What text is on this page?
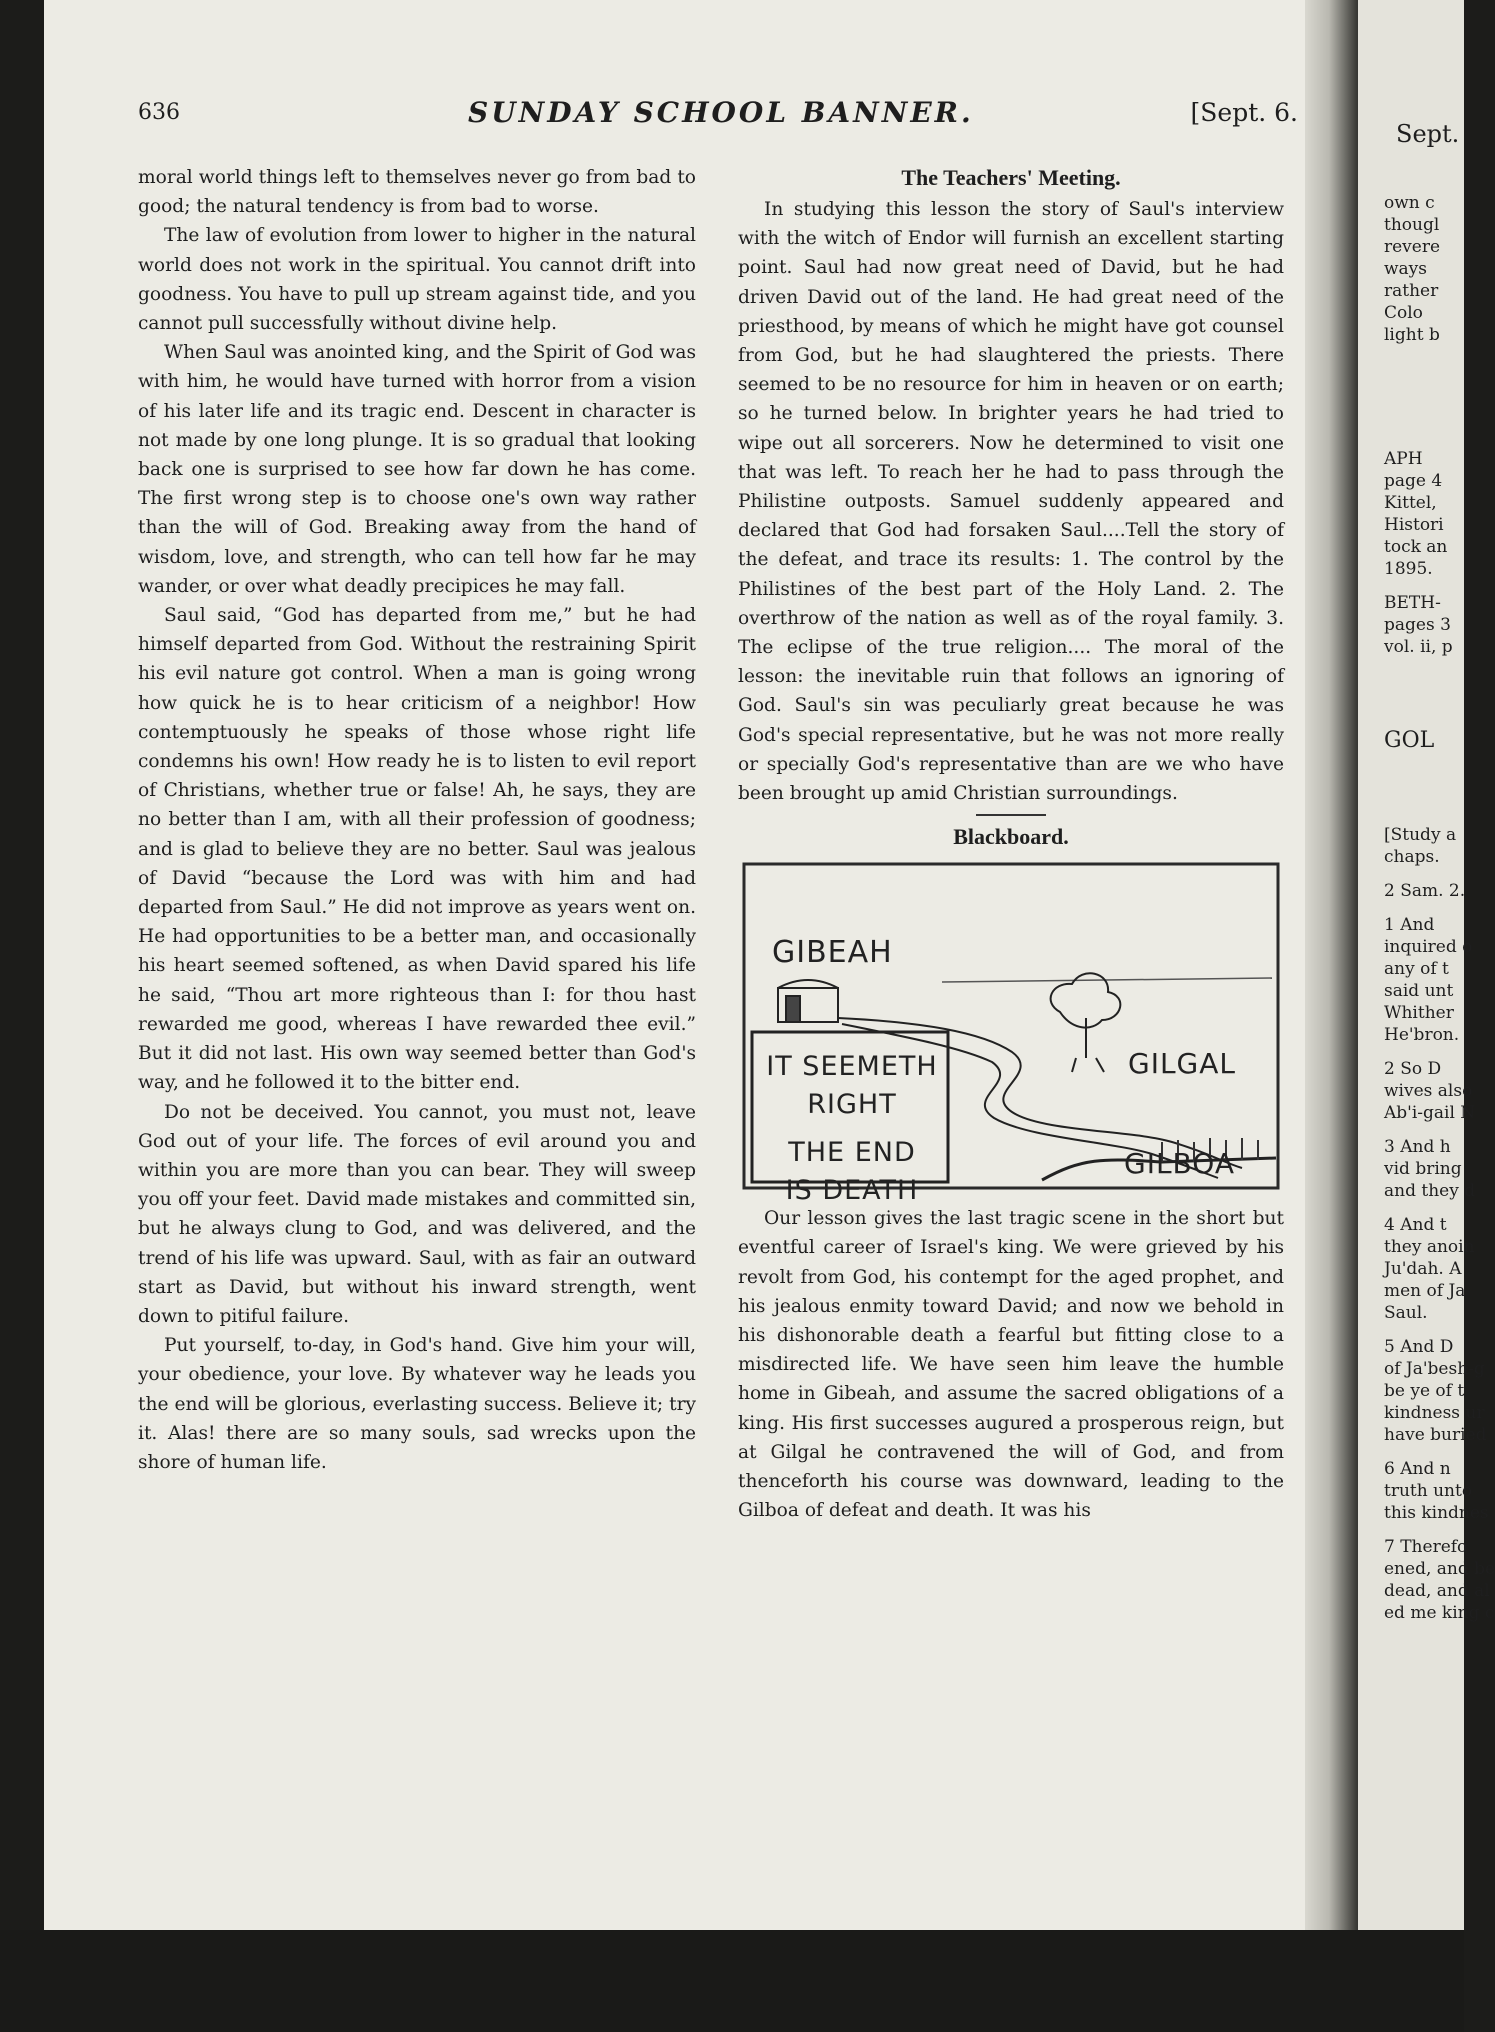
636	SUNDAY SCHOOL BANNER.	[Sept. 6.

moral world things left to themselves never go from bad to good; the natural tendency is from bad to worse.

The law of evolution from lower to higher in the natural world does not work in the spiritual. You cannot drift into goodness. You have to pull up stream against tide, and you cannot pull successfully without divine help.

When Saul was anointed king, and the Spirit of God was with him, he would have turned with horror from a vision of his later life and its tragic end. Descent in character is not made by one long plunge. It is so gradual that looking back one is surprised to see how far down he has come. The first wrong step is to choose one's own way rather than the will of God. Breaking away from the hand of wisdom, love, and strength, who can tell how far he may wander, or over what deadly precipices he may fall.

Saul said, “God has departed from me,” but he had himself departed from God. Without the restraining Spirit his evil nature got control. When a man is going wrong how quick he is to hear criticism of a neighbor! How contemptuously he speaks of those whose right life condemns his own! How ready he is to listen to evil report of Christians, whether true or false! Ah, he says, they are no better than I am, with all their profession of goodness; and is glad to believe they are no better. Saul was jealous of David “because the Lord was with him and had departed from Saul.” He did not improve as years went on. He had opportunities to be a better man, and occasionally his heart seemed softened, as when David spared his life he said, “Thou art more righteous than I: for thou hast rewarded me good, whereas I have rewarded thee evil.” But it did not last. His own way seemed better than God's way, and he followed it to the bitter end.

Do not be deceived. You cannot, you must not, leave God out of your life. The forces of evil around you and within you are more than you can bear. They will sweep you off your feet. David made mistakes and committed sin, but he always clung to God, and was delivered, and the trend of his life was upward. Saul, with as fair an outward start as David, but without his inward strength, went down to pitiful failure.

Put yourself, to-day, in God's hand. Give him your will, your obedience, your love. By whatever way he leads you the end will be glorious, everlasting success. Believe it; try it. Alas! there are so many souls, sad wrecks upon the shore of human life.

The Teachers' Meeting.

In studying this lesson the story of Saul's interview with the witch of Endor will furnish an excellent starting point. Saul had now great need of David, but he had driven David out of the land. He had great need of the priesthood, by means of which he might have got counsel from God, but he had slaughtered the priests. There seemed to be no resource for him in heaven or on earth; so he turned below. In brighter years he had tried to wipe out all sorcerers. Now he determined to visit one that was left. To reach her he had to pass through the Philistine outposts. Samuel suddenly appeared and declared that God had forsaken Saul....Tell the story of the defeat, and trace its results: 1. The control by the Philistines of the best part of the Holy Land. 2. The overthrow of the nation as well as of the royal family. 3. The eclipse of the true religion.... The moral of the lesson: the inevitable ruin that follows an ignoring of God. Saul's sin was peculiarly great because he was God's special representative, but he was not more really or specially God's representative than are we who have been brought up amid Christian surroundings.

Blackboard.
GIBEAH
GILGAL
GILBOA
IT SEEMETH
RIGHT
THE END
IS DEATH

Our lesson gives the last tragic scene in the short but eventful career of Israel's king. We were grieved by his revolt from God, his contempt for the aged prophet, and his jealous enmity toward David; and now we behold in his dishonorable death a fearful but fitting close to a misdirected life. We have seen him leave the humble home in Gibeah, and assume the sacred obligations of a king. His first successes augured a prosperous reign, but at Gilgal he contravened the will of God, and from thenceforth his course was downward, leading to the Gilboa of defeat and death. It was his

Sept.
own c
thougl
revere
ways
rather
Colo
light b
APH
page 4
Kittel,
Histori
tock an
1895.
BETH-
pages 3
vol. ii, p
GOL
[Study a
chaps.
2 Sam. 2.
1 And
inquired o
any of t
said unt
Whither
He'bron.
2 So D
wives also
Ab'i-gail N
3 And h
vid bring
and they d
4 And t
they anoin
Ju'dah. A
men of Ja
Saul.
5 And D
of Ja'besh-g
be ye of t
kindness ur
have buried
6 And n
truth unto
this kindnes
7 Therefo
ened, and be
dead, and al
ed me king c
